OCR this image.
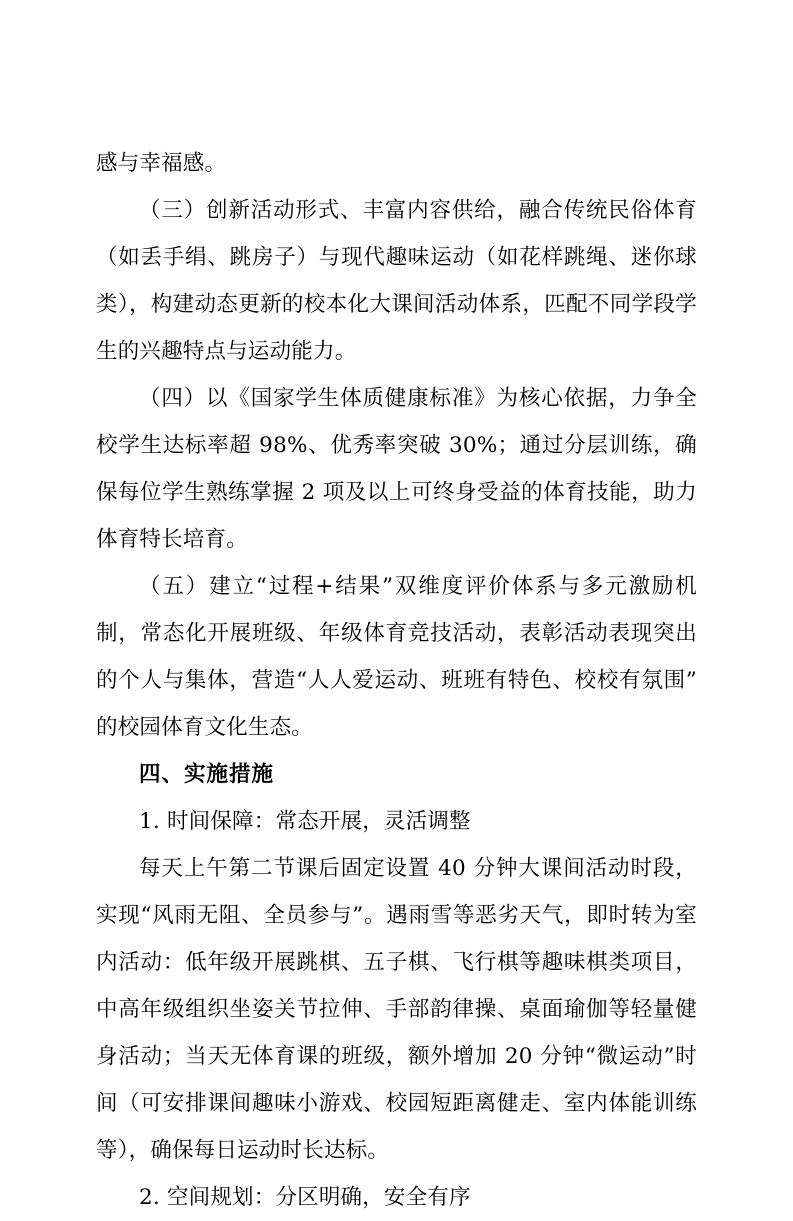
感与幸福感。

（三）创新活动形式、丰富内容供给，融合传统民俗体育（如丢手绢、跳房子）与现代趣味运动（如花样跳绳、迷你球类），构建动态更新的校本化大课间活动体系，匹配不同学段学生的兴趣特点与运动能力。

（四）以《国家学生体质健康标准》为核心依据，力争全校学生达标率超 98%、优秀率突破 30%；通过分层训练，确保每位学生熟练掌握 2 项及以上可终身受益的体育技能，助力体育特长培育。

（五）建立“过程+结果”双维度评价体系与多元激励机制，常态化开展班级、年级体育竞技活动，表彰活动表现突出的个人与集体，营造“人人爱运动、班班有特色、校校有氛围”的校园体育文化生态。

四、实施措施

1. 时间保障：常态开展，灵活调整

每天上午第二节课后固定设置 40 分钟大课间活动时段，实现“风雨无阻、全员参与”。遇雨雪等恶劣天气，即时转为室内活动：低年级开展跳棋、五子棋、飞行棋等趣味棋类项目，中高年级组织坐姿关节拉伸、手部韵律操、桌面瑜伽等轻量健身活动；当天无体育课的班级，额外增加 20 分钟“微运动”时间（可安排课间趣味小游戏、校园短距离健走、室内体能训练等），确保每日运动时长达标。

2. 空间规划：分区明确，安全有序
